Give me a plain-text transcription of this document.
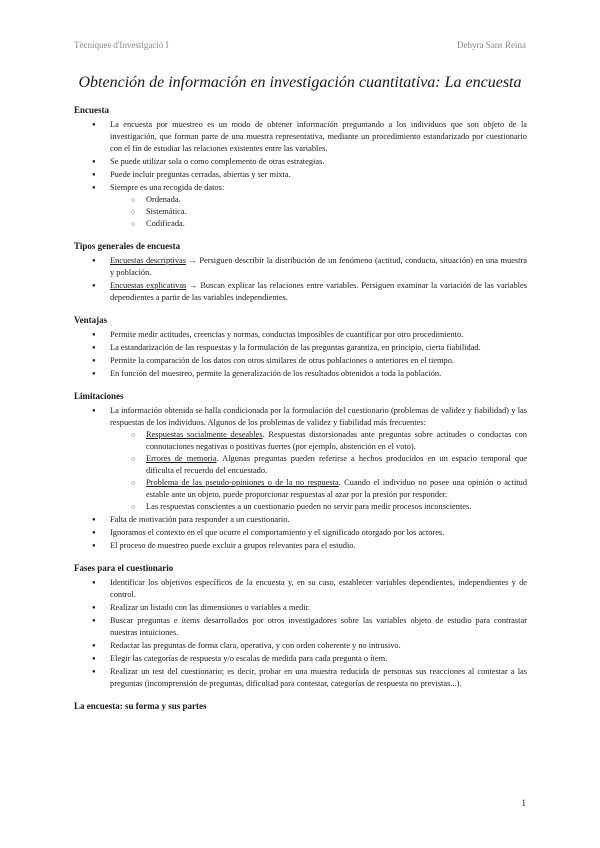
Tècniques d'Investigació I	Dehyra Sans Reina
Obtención de información en investigación cuantitativa: La encuesta
Encuesta
● La encuesta por muestreo es un modo de obtener información preguntando a los individuos que son objeto de la investigación, que forman parte de una muestra representativa, mediante un procedimiento estandarizado por cuestionario con el fin de estudiar las relaciones existentes entre las variables.
● Se puede utilizar sola o como complemento de otras estrategias.
● Puede incluir preguntas cerradas, abiertas y ser mixta.
● Siempre es una recogida de datos:
○ Ordenada.
○ Sistemática.
○ Codificada.
Tipos generales de encuesta
● Encuestas descriptivas → Persiguen describir la distribución de un fenómeno (actitud, conducta, situación) en una muestra y población.
● Encuestas explicativas → Buscan explicar las relaciones entre variables. Persiguen examinar la variación de las variables dependientes a partir de las variables independientes.
Ventajas
● Permite medir actitudes, creencias y normas, conductas imposibles de cuantificar por otro procedimiento.
● La estandarización de las respuestas y la formulación de las preguntas garantiza, en principio, cierta fiabilidad.
● Permite la comparación de los datos con otros similares de otras poblaciones o anteriores en el tiempo.
● En función del muestreo, permite la generalización de los resultados obtenidos a toda la población.
Limitaciones
● La información obtenida se halla condicionada por la formulación del cuestionario (problemas de validez y fiabilidad) y las respuestas de los individuos. Algunos de los problemas de validez y fiabilidad más frecuentes:
○ Respuestas socialmente deseables. Respuestas distorsionadas ante preguntas sobre actitudes o conductas con connotaciones negativas o positivas fuertes (por ejemplo, abstención en el voto).
○ Errores de memoria. Algunas preguntas pueden referirse a hechos producidos en un espacio temporal que dificulta el recuerdo del encuestado.
○ Problema de las pseudo-opiniones o de la no respuesta. Cuando el individuo no posee una opinión o actitud estable ante un objeto, puede proporcionar respuestas al azar por la presión por responder.
○ Las respuestas conscientes a un cuestionario pueden no servir para medir procesos inconscientes.
● Falta de motivación para responder a un cuestionario.
● Ignoramos el contexto en el que ocurre el comportamiento y el significado otorgado por los actores.
● El proceso de muestreo puede excluir a grupos relevantes para el estudio.
Fases para el cuestionario
● Identificar los objetivos específicos de la encuesta y, en su caso, establecer variables dependientes, independientes y de control.
● Realizar un listado con las dimensiones o variables a medir.
● Buscar preguntas e ítems desarrollados por otros investigadores sobre las variables objeto de estudio para contrastar nuestras intuiciones.
● Redactar las preguntas de forma clara, operativa, y con orden coherente y no intrusivo.
● Elegir las categorías de respuesta y/o escalas de medida para cada pregunta o ítem.
● Realizar un test del cuestionario; es decir, probar en una muestra reducida de personas sus reacciones al contestar a las preguntas (incomprensión de preguntas, dificultad para contestar, categorías de respuesta no previstas...).
La encuesta: su forma y sus partes
1
